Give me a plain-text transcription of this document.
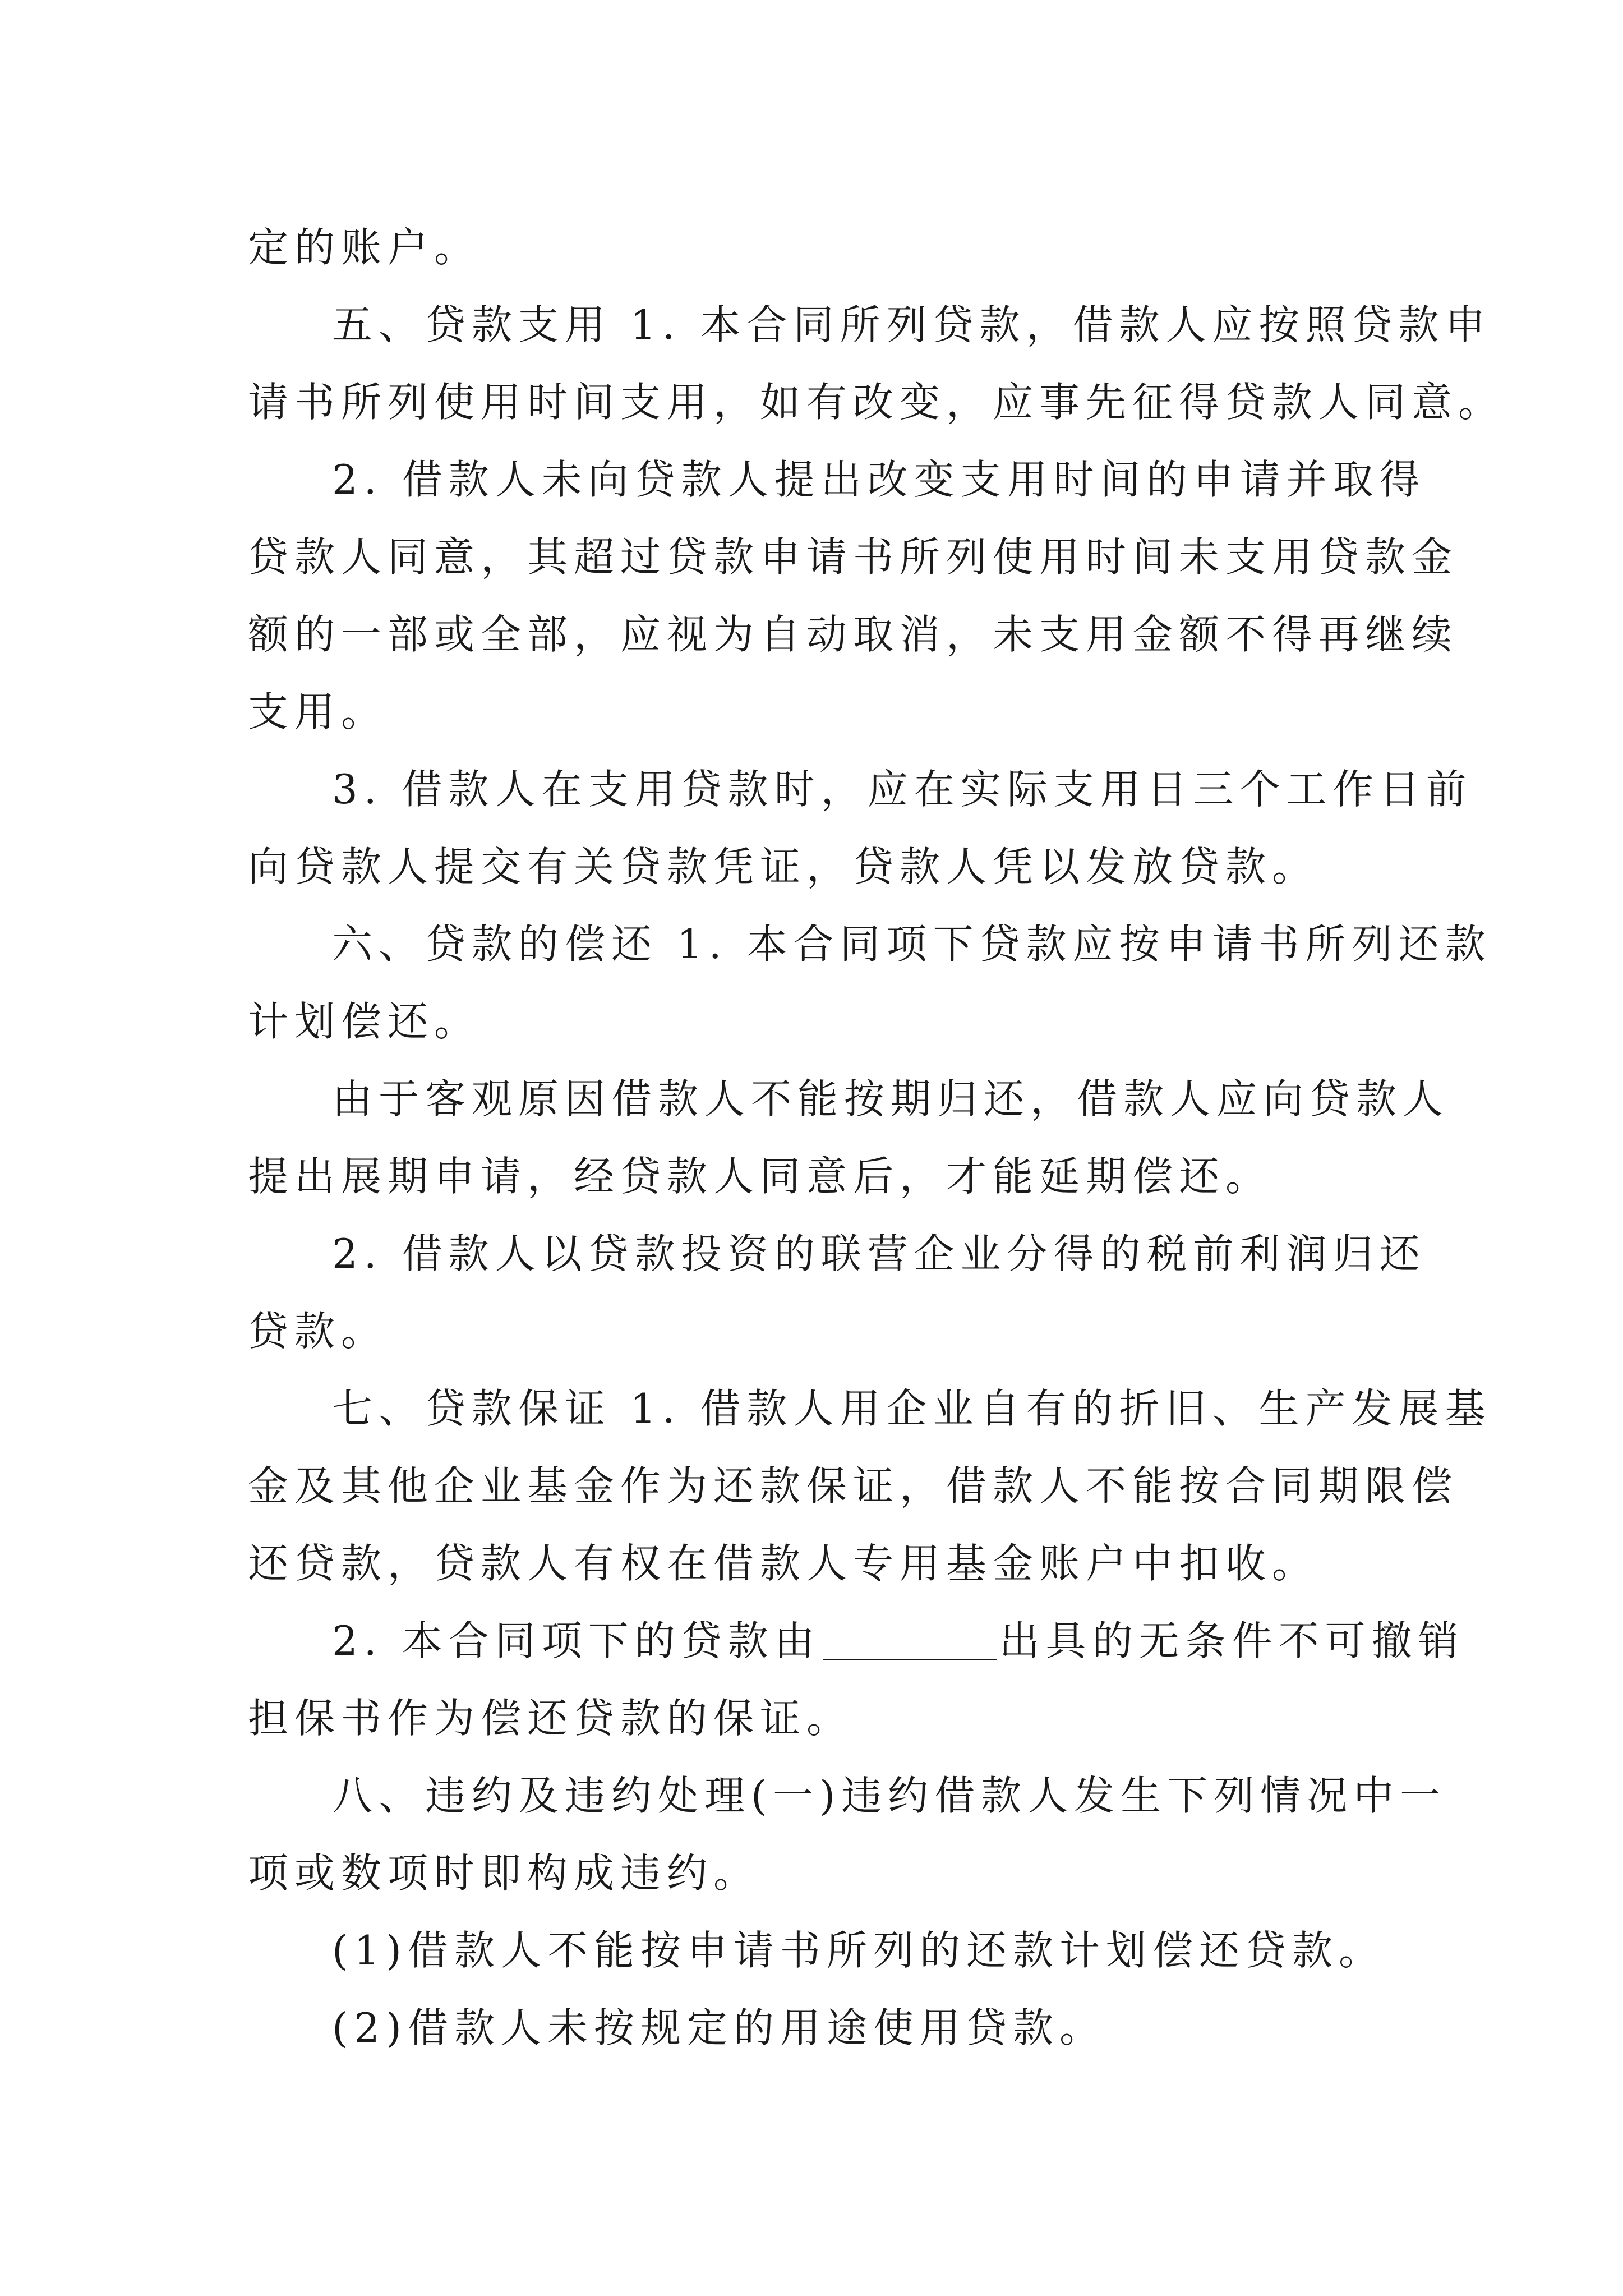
定的账户。
五、贷款支用 1. 本合同所列贷款，借款人应按照贷款申
请书所列使用时间支用，如有改变，应事先征得贷款人同意。
2. 借款人未向贷款人提出改变支用时间的申请并取得
贷款人同意，其超过贷款申请书所列使用时间未支用贷款金
额的一部或全部，应视为自动取消，未支用金额不得再继续
支用。
3. 借款人在支用贷款时，应在实际支用日三个工作日前
向贷款人提交有关贷款凭证，贷款人凭以发放贷款。
六、贷款的偿还 1. 本合同项下贷款应按申请书所列还款
计划偿还。
由于客观原因借款人不能按期归还，借款人应向贷款人
提出展期申请，经贷款人同意后，才能延期偿还。
2. 借款人以贷款投资的联营企业分得的税前利润归还
贷款。
七、贷款保证 1. 借款人用企业自有的折旧、生产发展基
金及其他企业基金作为还款保证，借款人不能按合同期限偿
还贷款，贷款人有权在借款人专用基金账户中扣收。
2. 本合同项下的贷款由	出具的无条件不可撤销
担保书作为偿还贷款的保证。
八、违约及违约处理(一)违约借款人发生下列情况中一
项或数项时即构成违约。
(1)借款人不能按申请书所列的还款计划偿还贷款。
(2)借款人未按规定的用途使用贷款。
